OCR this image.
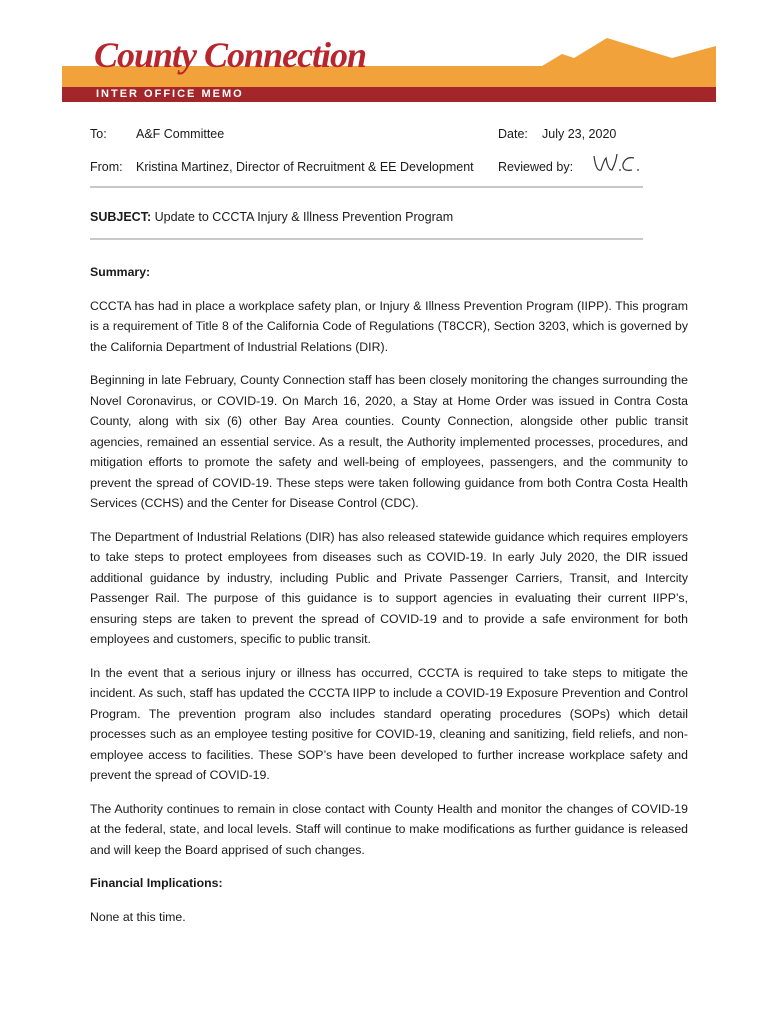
County Connection
INTER OFFICE MEMO
To: A&F Committee	Date: July 23, 2020
From: Kristina Martinez, Director of Recruitment & EE Development Reviewed by:
SUBJECT: Update to CCCTA Injury & Illness Prevention Program
Summary:

CCCTA has had in place a workplace safety plan, or Injury & Illness Prevention Program (IIPP). This program is a requirement of Title 8 of the California Code of Regulations (T8CCR), Section 3203, which is governed by the California Department of Industrial Relations (DIR).

Beginning in late February, County Connection staff has been closely monitoring the changes surrounding the Novel Coronavirus, or COVID-19. On March 16, 2020, a Stay at Home Order was issued in Contra Costa County, along with six (6) other Bay Area counties. County Connection, alongside other public transit agencies, remained an essential service. As a result, the Authority implemented processes, procedures, and mitigation efforts to promote the safety and well-being of employees, passengers, and the community to prevent the spread of COVID-19. These steps were taken following guidance from both Contra Costa Health Services (CCHS) and the Center for Disease Control (CDC).

The Department of Industrial Relations (DIR) has also released statewide guidance which requires employers to take steps to protect employees from diseases such as COVID-19. In early July 2020, the DIR issued additional guidance by industry, including Public and Private Passenger Carriers, Transit, and Intercity Passenger Rail. The purpose of this guidance is to support agencies in evaluating their current IIPP’s, ensuring steps are taken to prevent the spread of COVID-19 and to provide a safe environment for both employees and customers, specific to public transit.

In the event that a serious injury or illness has occurred, CCCTA is required to take steps to mitigate the incident. As such, staff has updated the CCCTA IIPP to include a COVID-19 Exposure Prevention and Control Program. The prevention program also includes standard operating procedures (SOPs) which detail processes such as an employee testing positive for COVID-19, cleaning and sanitizing, field reliefs, and non-employee access to facilities. These SOP’s have been developed to further increase workplace safety and prevent the spread of COVID-19.

The Authority continues to remain in close contact with County Health and monitor the changes of COVID-19 at the federal, state, and local levels. Staff will continue to make modifications as further guidance is released and will keep the Board apprised of such changes.

Financial Implications:

None at this time.
